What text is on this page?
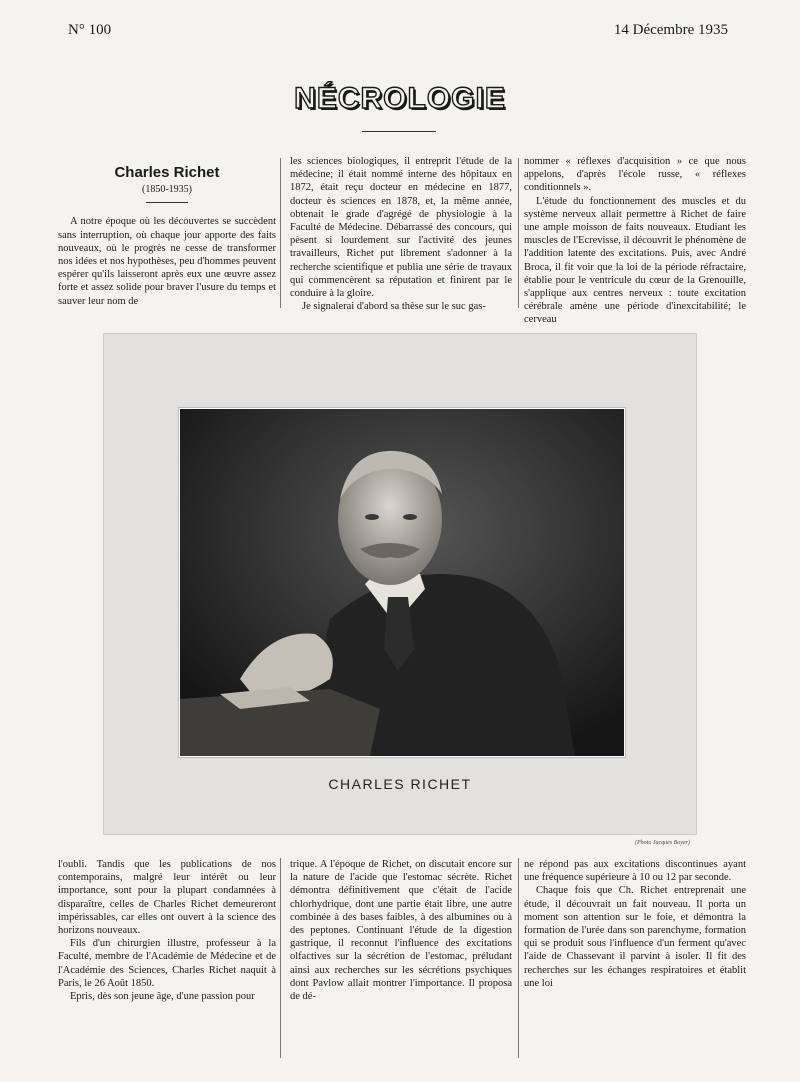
N° 100	14 Décembre 1935
NÉCROLOGIE
Charles Richet
(1850-1935)

A notre époque où les découvertes se succèdent sans interruption, où chaque jour apporte des faits nouveaux, où le progrès ne cesse de transformer nos idées et nos hypothèses, peu d'hommes peuvent espérer qu'ils laisseront après eux une œuvre assez forte et assez solide pour braver l'usure du temps et sauver leur nom de

les sciences biologiques, il entreprit l'étude de la médecine; il était nommé interne des hôpitaux en 1872, était reçu docteur en médecine en 1877, docteur ès sciences en 1878, et, la même année, obtenait le grade d'agrégé de physiologie à la Faculté de Médecine. Débarrassé des concours, qui pèsent si lourdement sur l'activité des jeunes travailleurs, Richet put librement s'adonner à la recherche scientifique et publia une série de travaux qui commencèrent sa réputation et finirent par le conduire à la gloire.

Je signalerai d'abord sa thèse sur le suc gas-

nommer « réflexes d'acquisition » ce que nous appelons, d'après l'école russe, « réflexes conditionnels ».

L'étude du fonctionnement des muscles et du système nerveux allait permettre à Richet de faire une ample moisson de faits nouveaux. Etudiant les muscles de l'Ecrevisse, il découvrit le phénomène de l'addition latente des excitations. Puis, avec André Broca, il fit voir que la loi de la période réfractaire, établie pour le ventricule du cœur de la Grenouille, s'applique aux centres nerveux : toute excitation cérébrale amène une période d'inexcitabilité; le cerveau

CHARLES RICHET
(Photo Jacques Boyer)

l'oubli. Tandis que les publications de nos contemporains, malgré leur intérêt ou leur importance, sont pour la plupart condamnées à disparaître, celles de Charles Richet demeureront impérissables, car elles ont ouvert à la science des horizons nouveaux.

Fils d'un chirurgien illustre, professeur à la Faculté, membre de l'Académie de Médecine et de l'Académie des Sciences, Charles Richet naquit à Paris, le 26 Août 1850.

Epris, dès son jeune âge, d'une passion pour

trique. A l'époque de Richet, on discutait encore sur la nature de l'acide que l'estomac sécrète. Richet démontra définitivement que c'était de l'acide chlorhydrique, dont une partie était libre, une autre combinée à des bases faibles, à des albumines ou à des peptones. Continuant l'étude de la digestion gastrique, il reconnut l'influence des excitations olfactives sur la sécrétion de l'estomac, préludant ainsi aux recherches sur les sécrétions psychiques dont Pavlow allait montrer l'importance. Il proposa de dé-

ne répond pas aux excitations discontinues ayant une fréquence supérieure à 10 ou 12 par seconde.

Chaque fois que Ch. Richet entreprenait une étude, il découvrait un fait nouveau. Il porta un moment son attention sur le foie, et démontra la formation de l'urée dans son parenchyme, formation qui se produit sous l'influence d'un ferment qu'avec l'aide de Chassevant il parvint à isoler. Il fit des recherches sur les échanges respiratoires et établit une loi
